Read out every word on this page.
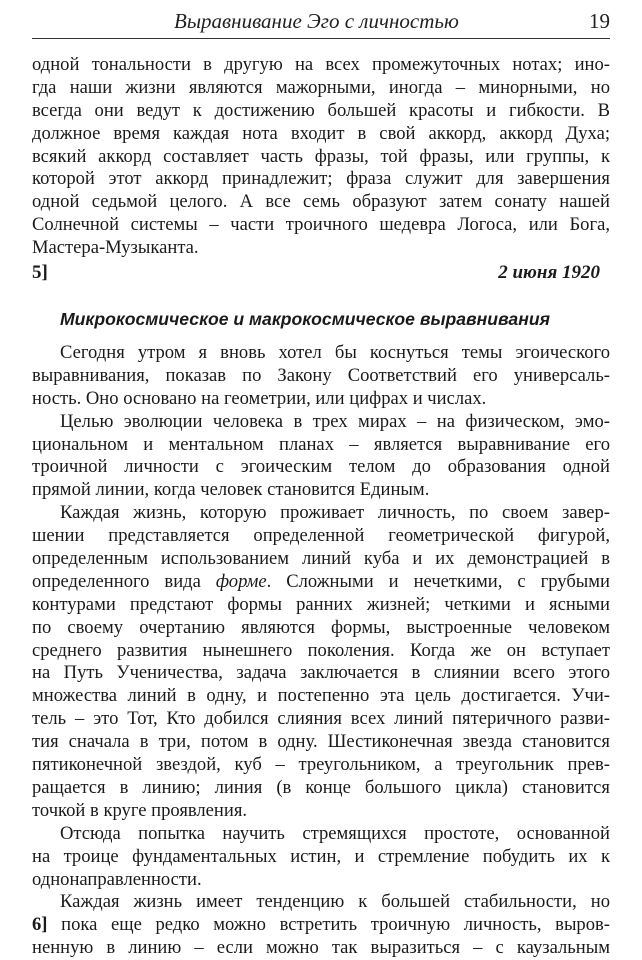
Выравнивание Эго с личностью	19

одной тональности в другую на всех промежуточных нотах; ино-
гда наши жизни являются мажорными, иногда – минорными, но
всегда они ведут к достижению большей красоты и гибкости. В
должное время каждая нота входит в свой аккорд, аккорд Духа;
всякий аккорд составляет часть фразы, той фразы, или группы, к
которой этот аккорд принадлежит; фраза служит для завершения
одной седьмой целого. А все семь образуют затем сонату нашей
Солнечной системы – части троичного шедевра Логоса, или Бога,
Мастера-Музыканта.

5]	2 июня 1920
Микрокосмическое и макрокосмическое выравнивания

Сегодня утром я вновь хотел бы коснуться темы эгоического
выравнивания, показав по Закону Соответствий его универсаль-
ность. Оно основано на геометрии, или цифрах и числах.

Целью эволюции человека в трех мирах – на физическом, эмо-
циональном и ментальном планах – является выравнивание его
троичной личности с эгоическим телом до образования одной
прямой линии, когда человек становится Единым.

Каждая жизнь, которую проживает личность, по своем завер-
шении представляется определенной геометрической фигурой,
определенным использованием линий куба и их демонстрацией в
определенного вида форме. Сложными и нечеткими, с грубыми
контурами предстают формы ранних жизней; четкими и ясными
по своему очертанию являются формы, выстроенные человеком
среднего развития нынешнего поколения. Когда же он вступает
на Путь Ученичества, задача заключается в слиянии всего этого
множества линий в одну, и постепенно эта цель достигается. Учи-
тель – это Тот, Кто добился слияния всех линий пятеричного разви-
тия сначала в три, потом в одну. Шестиконечная звезда становится
пятиконечной звездой, куб – треугольником, а треугольник прев-
ращается в линию; линия (в конце большого цикла) становится
точкой в круге проявления.

Отсюда попытка научить стремящихся простоте, основанной
на троице фундаментальных истин, и стремление побудить их к
однонаправленности.

Каждая жизнь имеет тенденцию к большей стабильности, но
6] пока еще редко можно встретить троичную личность, выров-
ненную в линию – если можно так выразиться – с каузальным
